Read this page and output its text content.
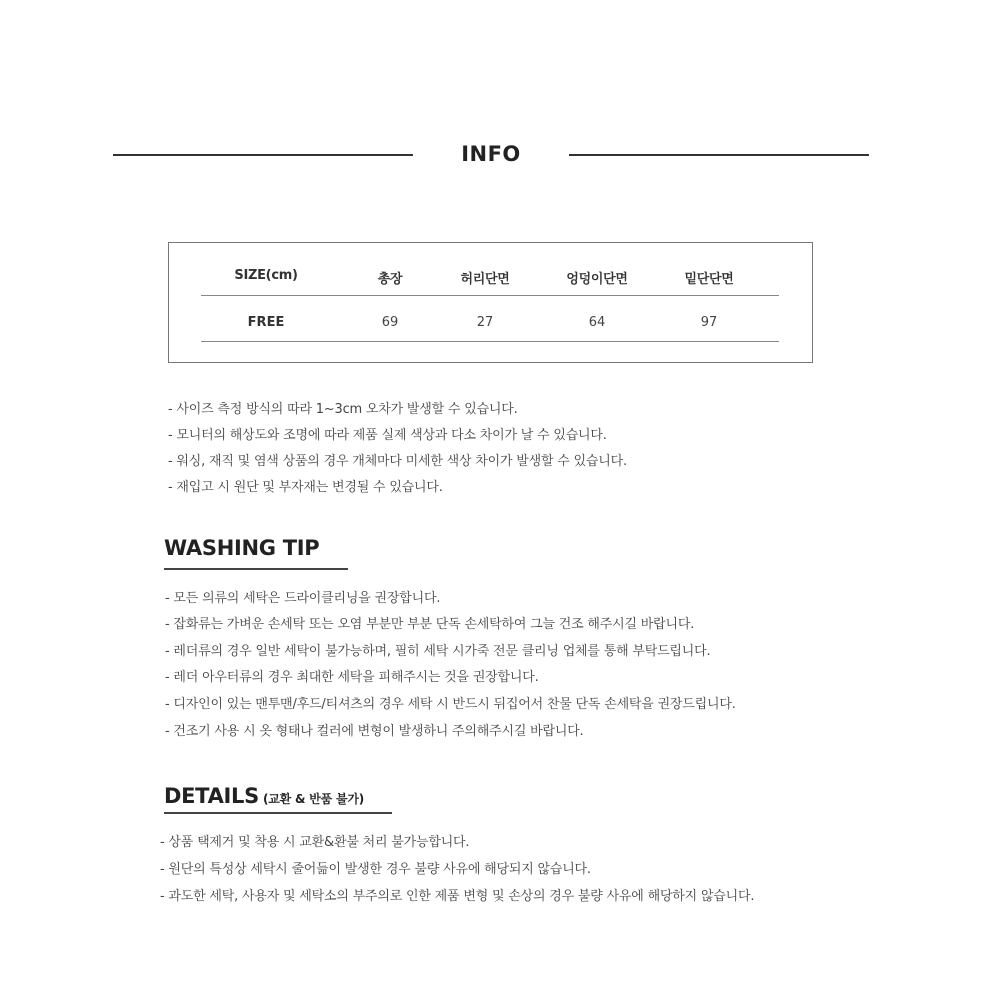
INFO
SIZE(cm)	총장	허리단면	엉덩이단면	밑단단면
FREE	69	27	64	97
- 사이즈 측정 방식의 따라 1~3cm 오차가 발생할 수 있습니다.
- 모니터의 해상도와 조명에 따라 제품 실제 색상과 다소 차이가 날 수 있습니다.
- 워싱, 재직 및 염색 상품의 경우 개체마다 미세한 색상 차이가 발생할 수 있습니다.
- 재입고 시 원단 및 부자재는 변경될 수 있습니다.
WASHING TIP
- 모든 의류의 세탁은 드라이클리닝을 권장합니다.
- 잡화류는 가벼운 손세탁 또는 오염 부분만 부분 단독 손세탁하여 그늘 건조 해주시길 바랍니다.
- 레더류의 경우 일반 세탁이 불가능하며, 필히 세탁 시가죽 전문 클리닝 업체를 통해 부탁드립니다.
- 레더 아우터류의 경우 최대한 세탁을 피해주시는 것을 권장합니다.
- 디자인이 있는 맨투맨/후드/티셔츠의 경우 세탁 시 반드시 뒤집어서 찬물 단독 손세탁을 권장드립니다.
- 건조기 사용 시 옷 형태나 컬러에 변형이 발생하니 주의해주시길 바랍니다.
DETAILS (교환 & 반품 불가)
- 상품 택제거 및 착용 시 교환&환불 처리 불가능합니다.
- 원단의 특성상 세탁시 줄어듦이 발생한 경우 불량 사유에 해당되지 않습니다.
- 과도한 세탁, 사용자 및 세탁소의 부주의로 인한 제품 변형 및 손상의 경우 불량 사유에 해당하지 않습니다.
